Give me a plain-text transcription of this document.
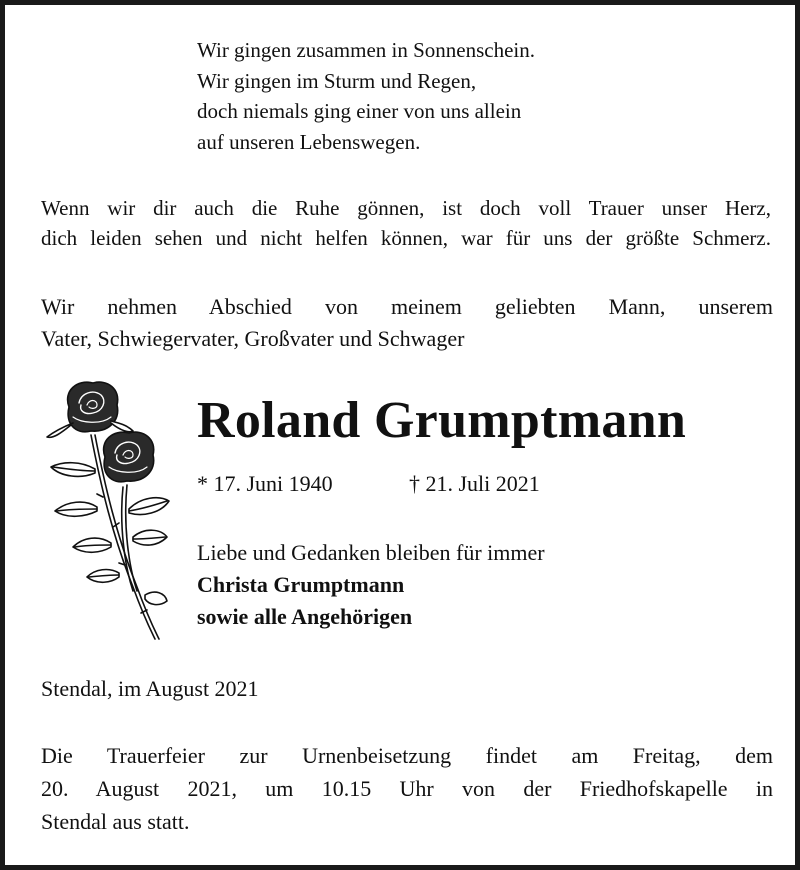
Wir gingen zusammen in Sonnenschein.
Wir gingen im Sturm und Regen,
doch niemals ging einer von uns allein
auf unseren Lebenswegen.
Wenn wir dir auch die Ruhe gönnen, ist doch voll Trauer unser Herz,
dich leiden sehen und nicht helfen können, war für uns der größte Schmerz.
Wir nehmen Abschied von meinem geliebten Mann, unserem
Vater, Schwiegervater, Großvater und Schwager
Roland Grumptmann
* 17. Juni 1940	† 21. Juli 2021
Liebe und Gedanken bleiben für immer
Christa Grumptmann
sowie alle Angehörigen
Stendal, im August 2021
Die Trauerfeier zur Urnenbeisetzung findet am Freitag, dem
20. August 2021, um 10.15 Uhr von der Friedhofskapelle in
Stendal aus statt.
